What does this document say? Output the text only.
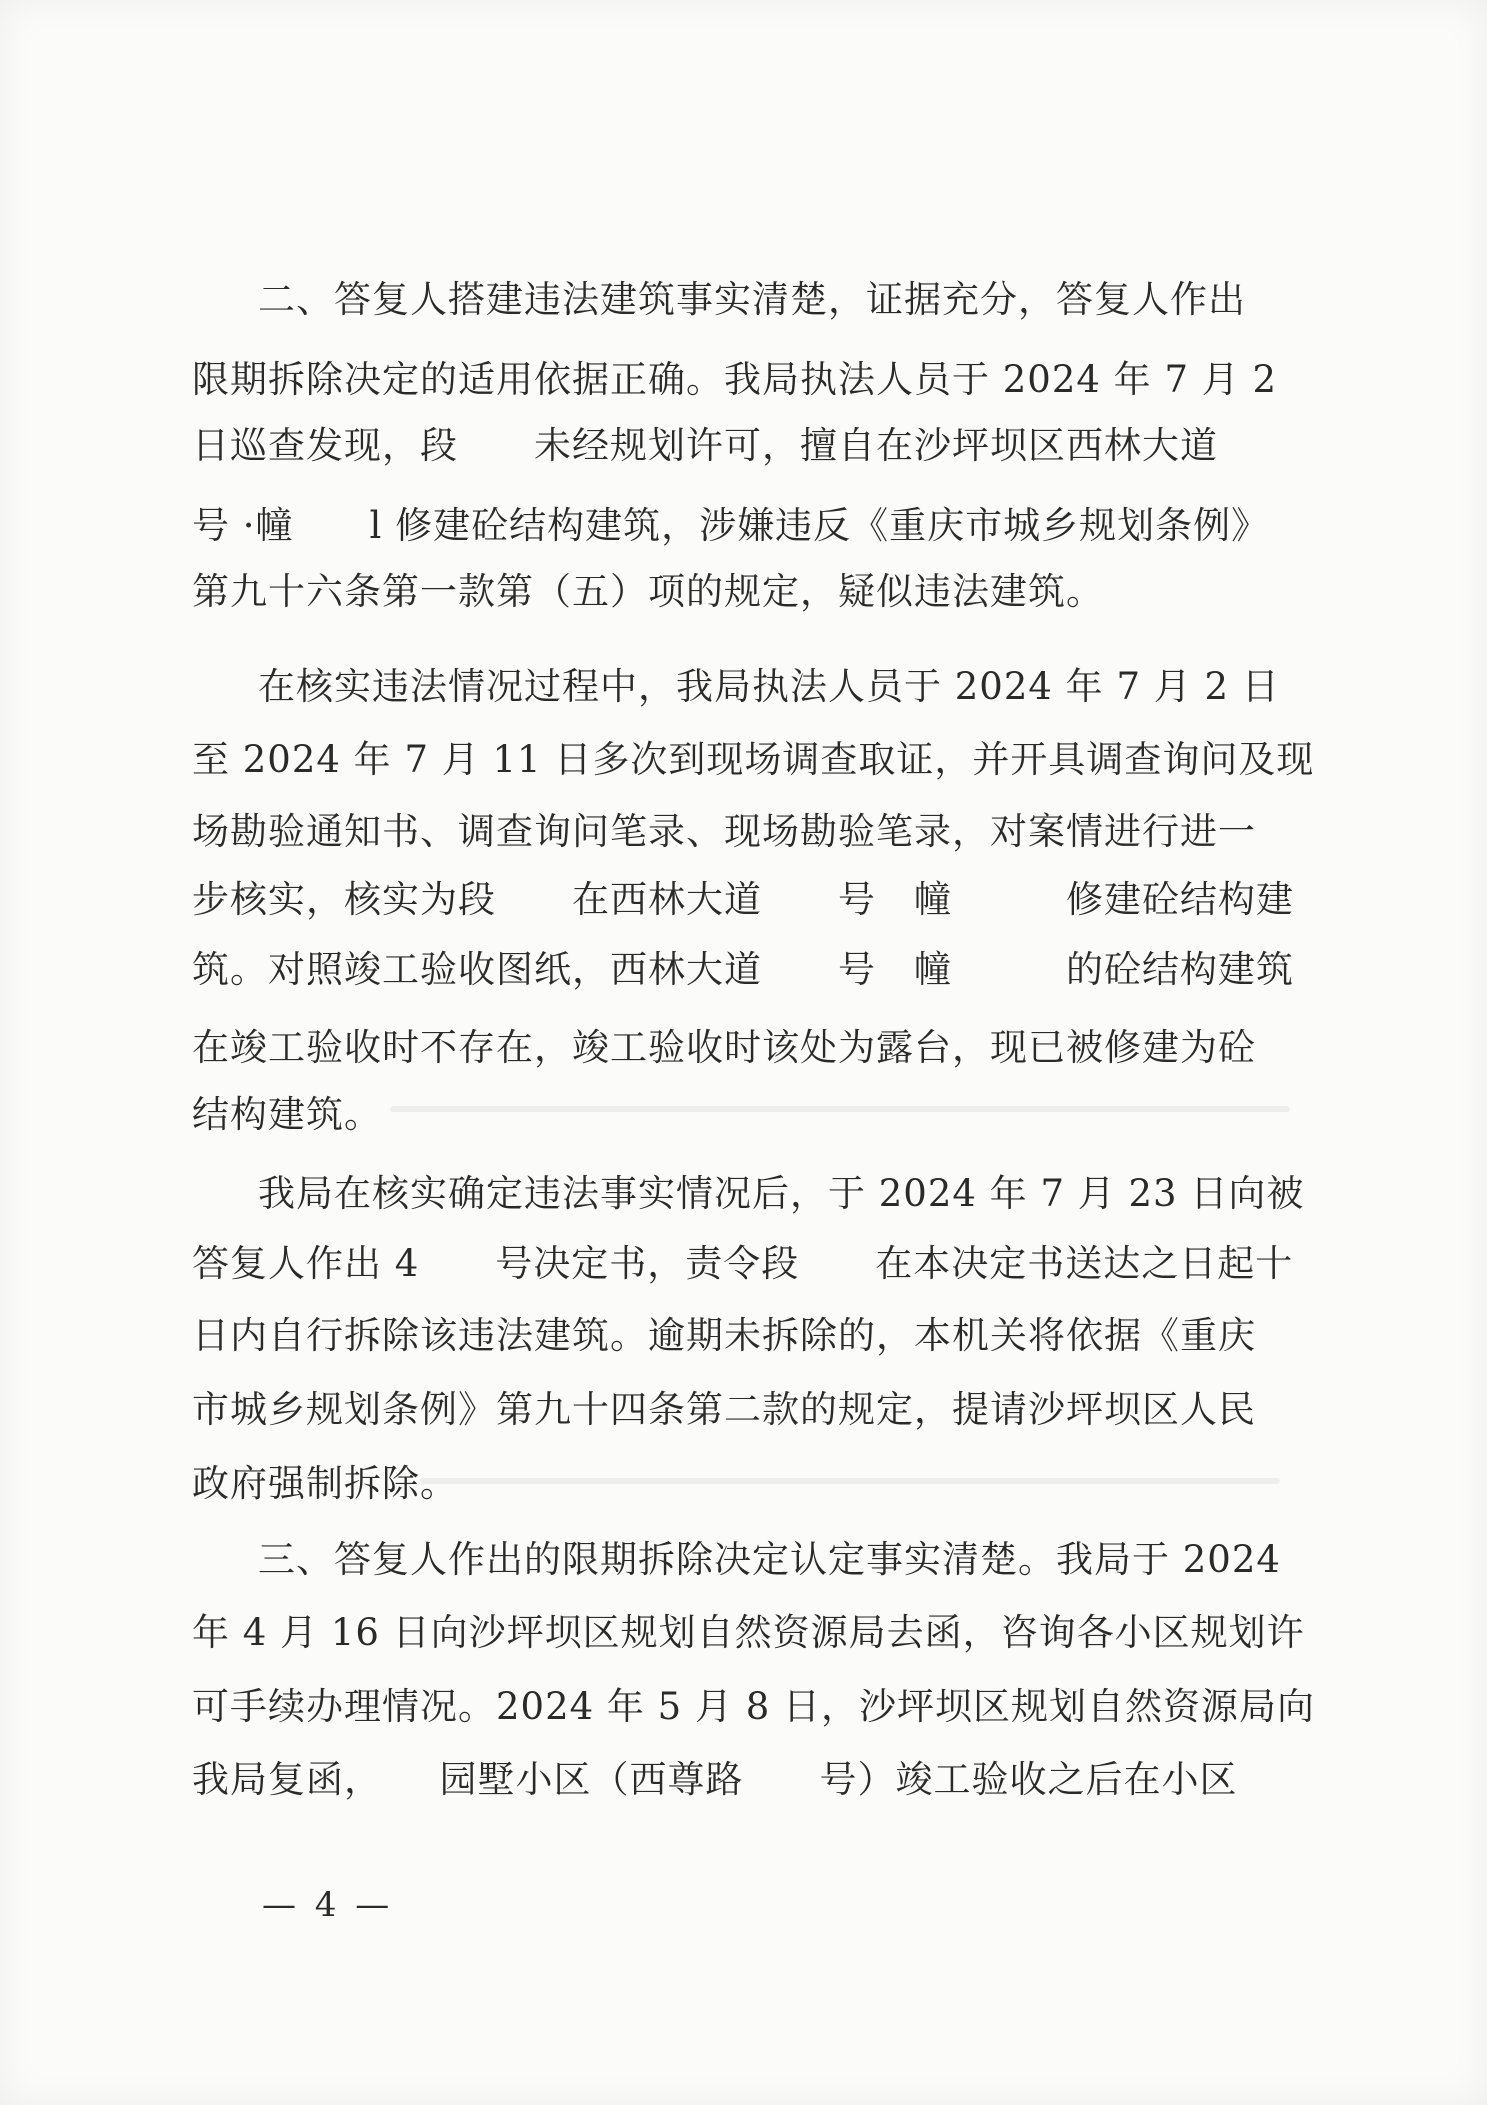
二、答复人搭建违法建筑事实清楚，证据充分，答复人作出
限期拆除决定的适用依据正确。我局执法人员于 2024 年 7 月 2
日巡查发现，段　　未经规划许可，擅自在沙坪坝区西林大道
号 ·幢　　l 修建砼结构建筑，涉嫌违反《重庆市城乡规划条例》
第九十六条第一款第（五）项的规定，疑似违法建筑。
在核实违法情况过程中，我局执法人员于 2024 年 7 月 2 日
至 2024 年 7 月 11 日多次到现场调查取证，并开具调查询问及现
场勘验通知书、调查询问笔录、现场勘验笔录，对案情进行进一
步核实，核实为段　　在西林大道　　号　幢　　　修建砼结构建
筑。对照竣工验收图纸，西林大道　　号　幢　　　的砼结构建筑
在竣工验收时不存在，竣工验收时该处为露台，现已被修建为砼
结构建筑。
我局在核实确定违法事实情况后，于 2024 年 7 月 23 日向被
答复人作出 4　　号决定书，责令段　　在本决定书送达之日起十
日内自行拆除该违法建筑。逾期未拆除的，本机关将依据《重庆
市城乡规划条例》第九十四条第二款的规定，提请沙坪坝区人民
政府强制拆除。
三、答复人作出的限期拆除决定认定事实清楚。我局于 2024
年 4 月 16 日向沙坪坝区规划自然资源局去函，咨询各小区规划许
可手续办理情况。2024 年 5 月 8 日，沙坪坝区规划自然资源局向
我局复函，　　园墅小区（西尊路　　号）竣工验收之后在小区
— 4 —
